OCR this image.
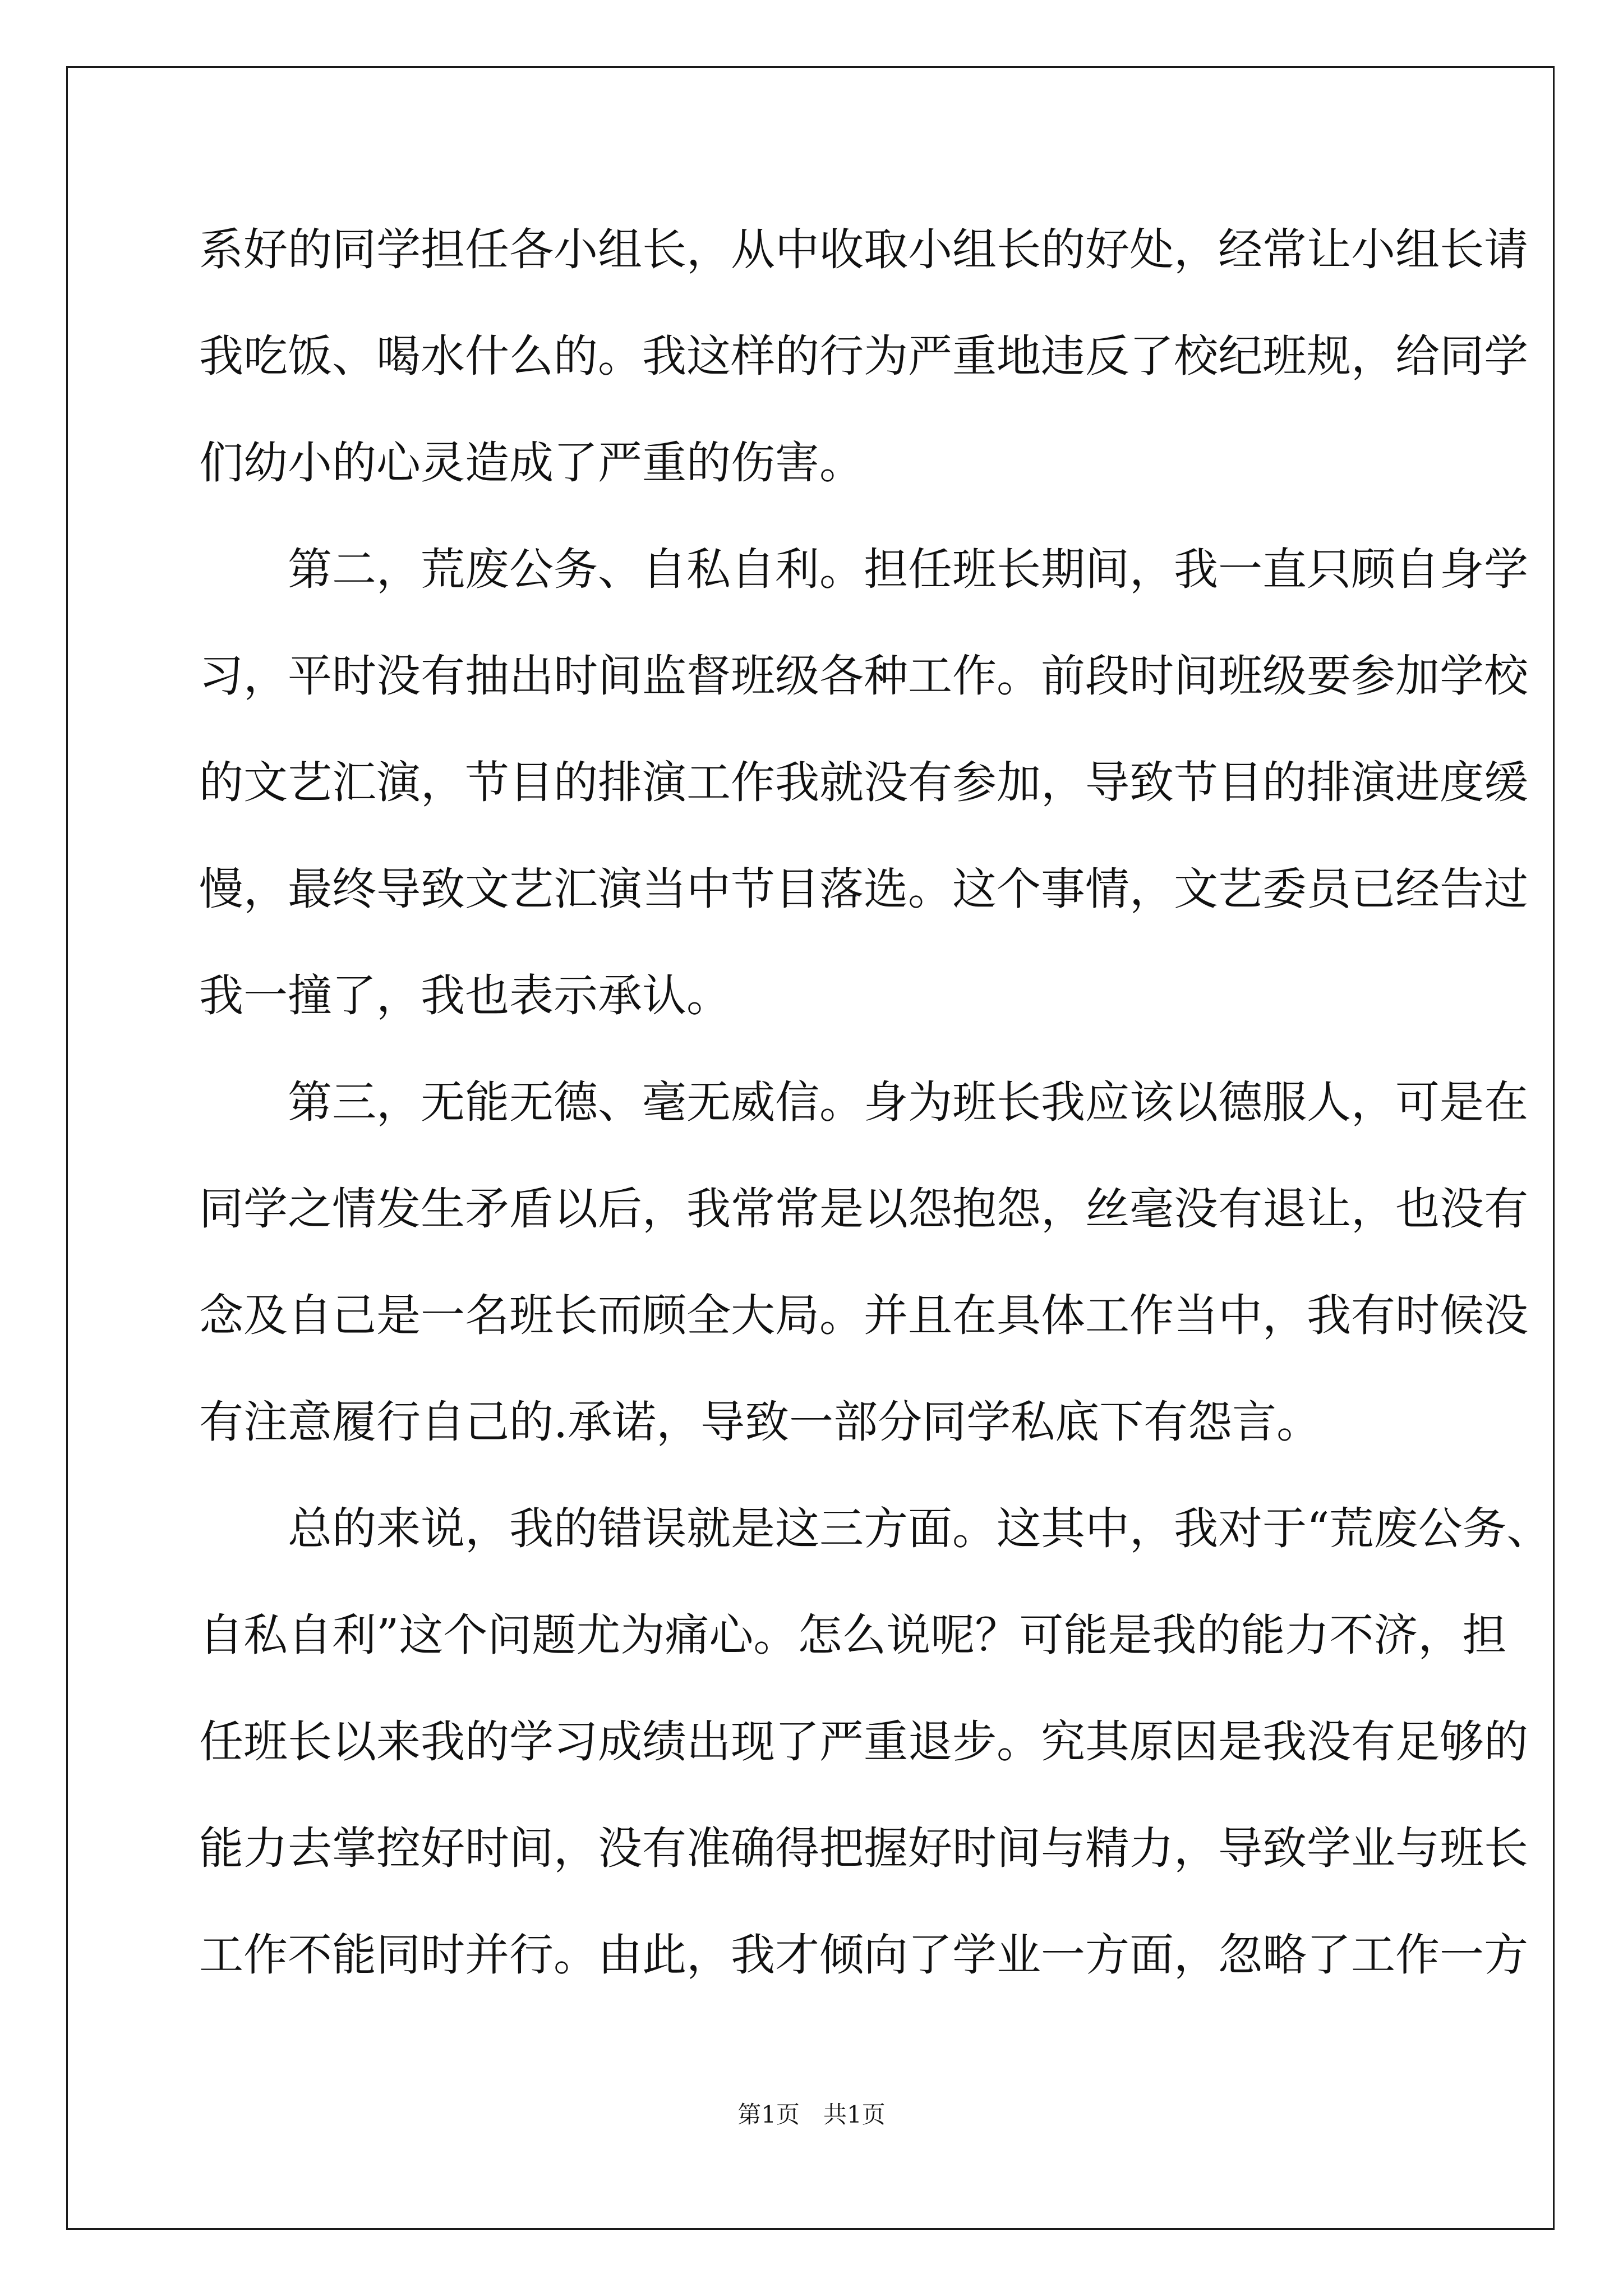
系好的同学担任各小组长，从中收取小组长的好处，经常让小组长请
我吃饭、喝水什么的。我这样的行为严重地违反了校纪班规，给同学
们幼小的心灵造成了严重的伤害。
　　第二，荒废公务、自私自利。担任班长期间，我一直只顾自身学
习，平时没有抽出时间监督班级各种工作。前段时间班级要参加学校
的文艺汇演，节目的排演工作我就没有参加，导致节目的排演进度缓
慢，最终导致文艺汇演当中节目落选。这个事情，文艺委员已经告过
我一撞了，我也表示承认。
　　第三，无能无德、毫无威信。身为班长我应该以德服人，可是在
同学之情发生矛盾以后，我常常是以怨抱怨，丝毫没有退让，也没有
念及自己是一名班长而顾全大局。并且在具体工作当中，我有时候没
有注意履行自己的.承诺，导致一部分同学私底下有怨言。
　　总的来说，我的错误就是这三方面。这其中，我对于“荒废公务、
自私自利”这个问题尤为痛心。怎么说呢？可能是我的能力不济，担
任班长以来我的学习成绩出现了严重退步。究其原因是我没有足够的
能力去掌控好时间，没有准确得把握好时间与精力，导致学业与班长
工作不能同时并行。由此，我才倾向了学业一方面，忽略了工作一方
第1页　共1页
